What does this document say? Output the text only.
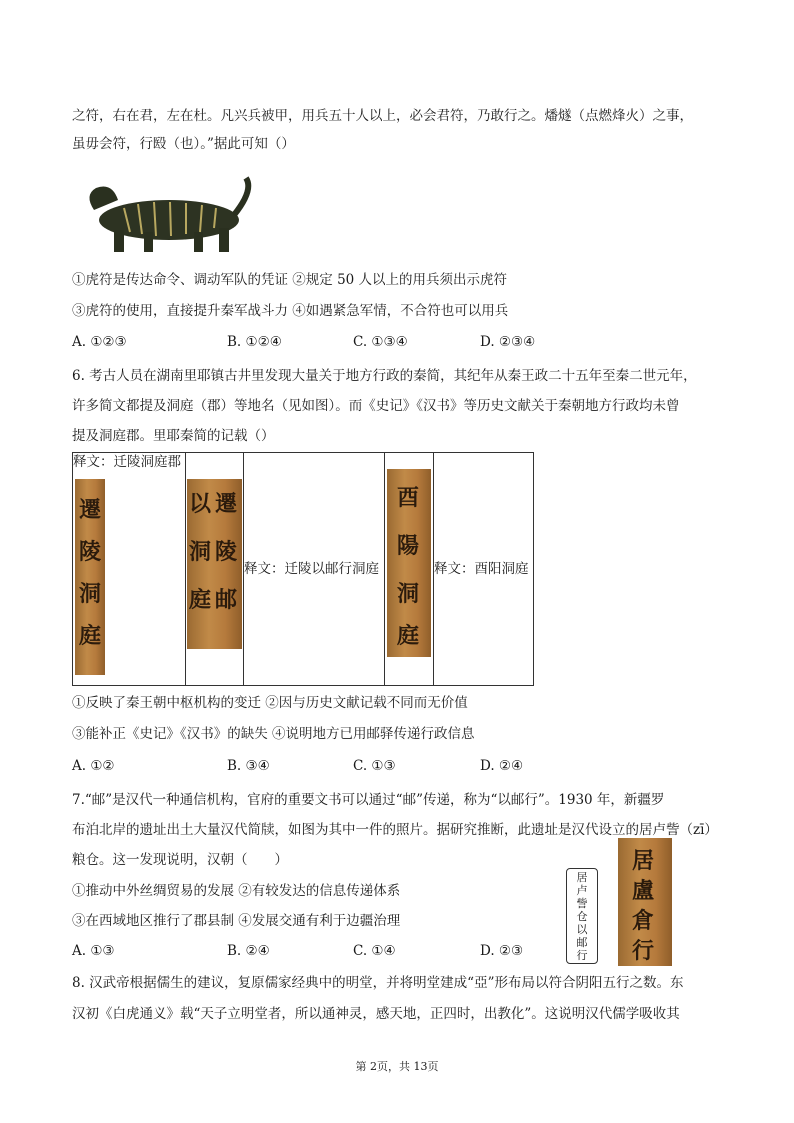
之符，右在君，左在杜。凡兴兵被甲，用兵五十人以上，必会君符，乃敢行之。燔燧（点燃烽火）之事，
虽毋会符，行殹（也）。”据此可知（）
①虎符是传达命令、调动军队的凭证 ②规定 50 人以上的用兵须出示虎符
③虎符的使用，直接提升秦军战斗力 ④如遇紧急军情，不合符也可以用兵
A. ①②③	B. ①②④	C. ①③④	D. ②③④
6. 考古人员在湖南里耶镇古井里发现大量关于地方行政的秦简，其纪年从秦王政二十五年至秦二世元年，
许多简文都提及洞庭（郡）等地名（见如图）。而《史记》《汉书》等历史文献关于秦朝地方行政均未曾
提及洞庭郡。里耶秦简的记载（）
释文：迁陵洞庭郡
遷
陵
洞
庭

以 遷
洞 陵
庭 邮

释文：迁陵以邮行洞庭

酉
陽
洞
庭

释文：酉阳洞庭
①反映了秦王朝中枢机构的变迁 ②因与历史文献记载不同而无价值
③能补正《史记》《汉书》的缺失 ④说明地方已用邮驿传递行政信息
A. ①②	B. ③④	C. ①③	D. ②④
7.“邮”是汉代一种通信机构，官府的重要文书可以通过“邮”传递，称为“以邮行”。1930 年，新疆罗
布泊北岸的遗址出土大量汉代简牍，如图为其中一件的照片。据研究推断，此遗址是汉代设立的居卢訾（zī）
粮仓。这一发现说明，汉朝（　　）
①推动中外丝绸贸易的发展 ②有较发达的信息传递体系
③在西域地区推行了郡县制 ④发展交通有利于边疆治理
A. ①③	B. ②④	C. ①④	D. ②③
居卢訾仓以邮行
居
盧
倉
行
8. 汉武帝根据儒生的建议，复原儒家经典中的明堂，并将明堂建成“亞”形布局以符合阴阳五行之数。东
汉初《白虎通义》载“天子立明堂者，所以通神灵，感天地，正四时，出教化”。这说明汉代儒学吸收其
第 2页，共 13页
